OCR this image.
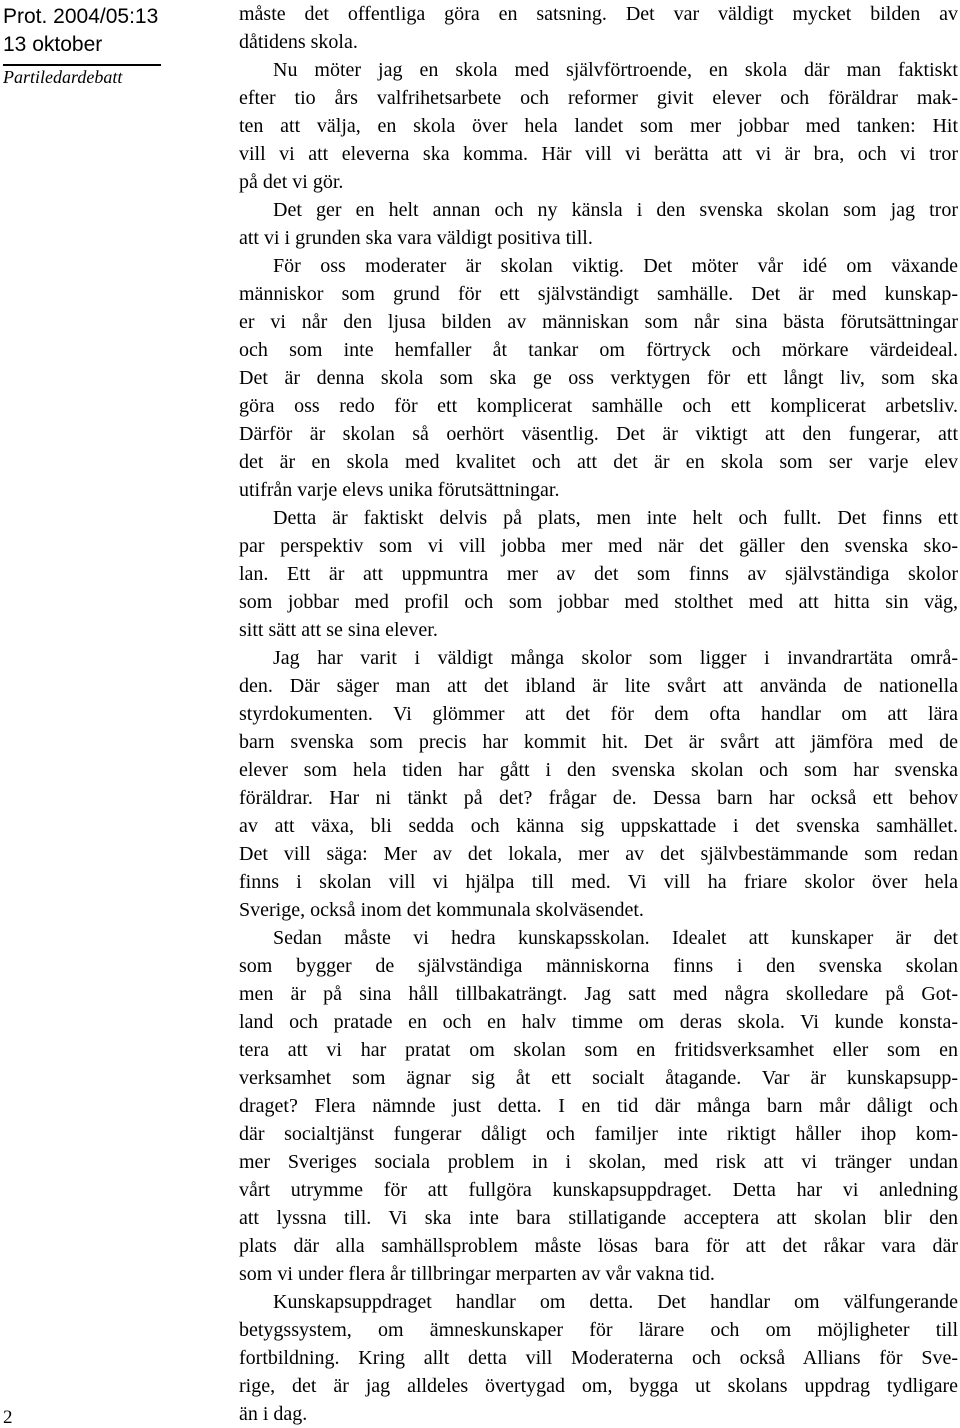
Prot. 2004/05:13
13 oktober
Partiledardebatt
2

måste det offentliga göra en satsning. Det var väldigt mycket bilden av
dåtidens skola.

Nu möter jag en skola med självförtroende, en skola där man faktiskt
efter tio års valfrihetsarbete och reformer givit elever och föräldrar mak-
ten att välja, en skola över hela landet som mer jobbar med tanken: Hit
vill vi att eleverna ska komma. Här vill vi berätta att vi är bra, och vi tror
på det vi gör.

Det ger en helt annan och ny känsla i den svenska skolan som jag tror
att vi i grunden ska vara väldigt positiva till.

För oss moderater är skolan viktig. Det möter vår idé om växande
människor som grund för ett självständigt samhälle. Det är med kunskap-
er vi når den ljusa bilden av människan som når sina bästa förutsättningar
och som inte hemfaller åt tankar om förtryck och mörkare värdeideal.
Det är denna skola som ska ge oss verktygen för ett långt liv, som ska
göra oss redo för ett komplicerat samhälle och ett komplicerat arbetsliv.
Därför är skolan så oerhört väsentlig. Det är viktigt att den fungerar, att
det är en skola med kvalitet och att det är en skola som ser varje elev
utifrån varje elevs unika förutsättningar.

Detta är faktiskt delvis på plats, men inte helt och fullt. Det finns ett
par perspektiv som vi vill jobba mer med när det gäller den svenska sko-
lan. Ett är att uppmuntra mer av det som finns av självständiga skolor
som jobbar med profil och som jobbar med stolthet med att hitta sin väg,
sitt sätt att se sina elever.

Jag har varit i väldigt många skolor som ligger i invandrartäta områ-
den. Där säger man att det ibland är lite svårt att använda de nationella
styrdokumenten. Vi glömmer att det för dem ofta handlar om att lära
barn svenska som precis har kommit hit. Det är svårt att jämföra med de
elever som hela tiden har gått i den svenska skolan och som har svenska
föräldrar. Har ni tänkt på det? frågar de. Dessa barn har också ett behov
av att växa, bli sedda och känna sig uppskattade i det svenska samhället.
Det vill säga: Mer av det lokala, mer av det självbestämmande som redan
finns i skolan vill vi hjälpa till med. Vi vill ha friare skolor över hela
Sverige, också inom det kommunala skolväsendet.

Sedan måste vi hedra kunskapsskolan. Idealet att kunskaper är det
som bygger de självständiga människorna finns i den svenska skolan
men är på sina håll tillbakaträngt. Jag satt med några skolledare på Got-
land och pratade en och en halv timme om deras skola. Vi kunde konsta-
tera att vi har pratat om skolan som en fritidsverksamhet eller som en
verksamhet som ägnar sig åt ett socialt åtagande. Var är kunskapsupp-
draget? Flera nämnde just detta. I en tid där många barn mår dåligt och
där socialtjänst fungerar dåligt och familjer inte riktigt håller ihop kom-
mer Sveriges sociala problem in i skolan, med risk att vi tränger undan
vårt utrymme för att fullgöra kunskapsuppdraget. Detta har vi anledning
att lyssna till. Vi ska inte bara stillatigande acceptera att skolan blir den
plats där alla samhällsproblem måste lösas bara för att det råkar vara där
som vi under flera år tillbringar merparten av vår vakna tid.

Kunskapsuppdraget handlar om detta. Det handlar om välfungerande
betygssystem, om ämneskunskaper för lärare och om möjligheter till
fortbildning. Kring allt detta vill Moderaterna och också Allians för Sve-
rige, det är jag alldeles övertygad om, bygga ut skolans uppdrag tydligare
än i dag.
